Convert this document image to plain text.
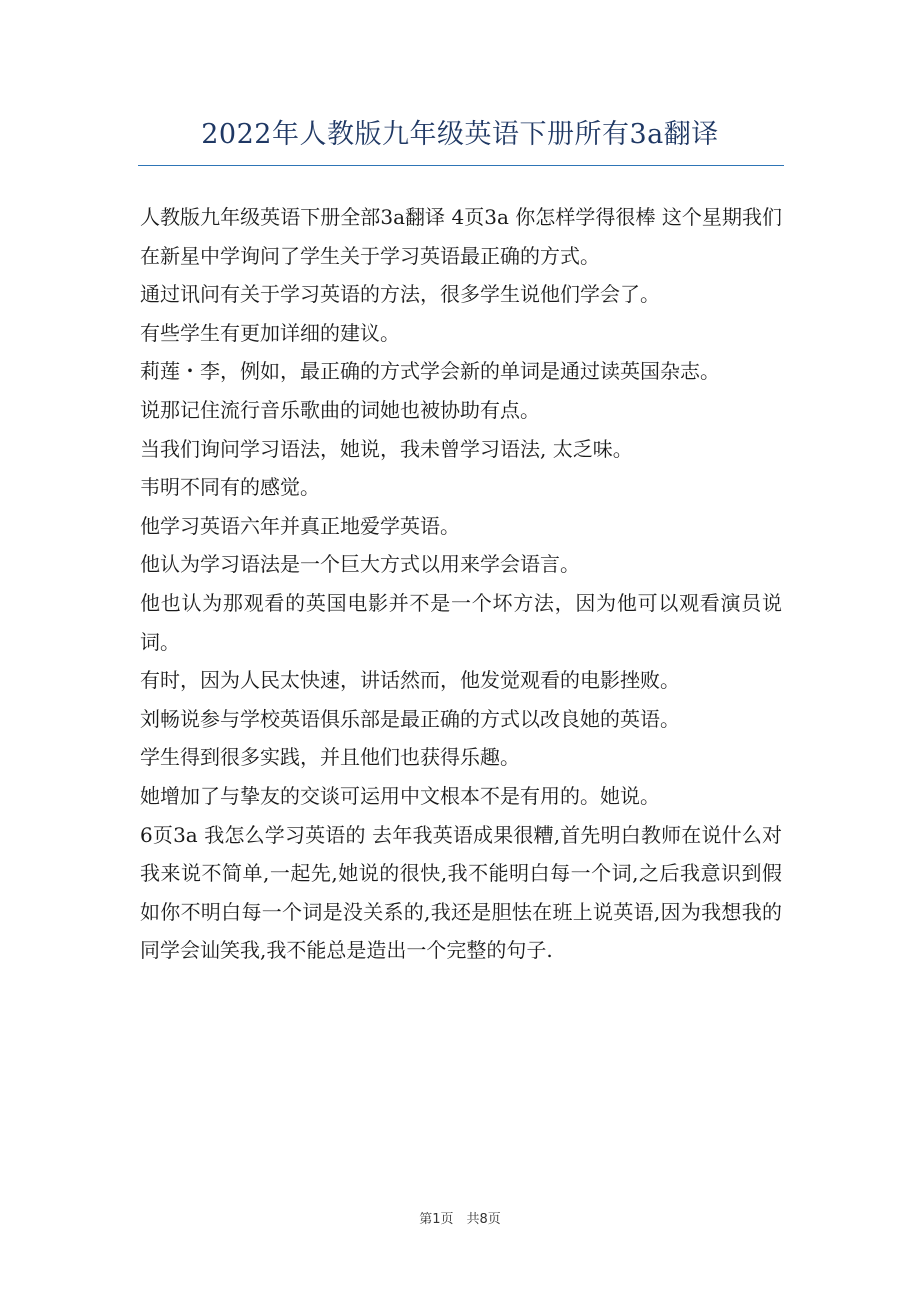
2022年人教版九年级英语下册所有3a翻译

人教版九年级英语下册全部3a翻译 4页3a 你怎样学得很棒 这个星期我们在新星中学询问了学生关于学习英语最正确的方式。

通过讯问有关于学习英语的方法，很多学生说他们学会了。

有些学生有更加详细的建议。

莉莲・李，例如，最正确的方式学会新的单词是通过读英国杂志。

说那记住流行音乐歌曲的词她也被协助有点。

当我们询问学习语法，她说，我未曾学习语法, 太乏味。

韦明不同有的感觉。

他学习英语六年并真正地爱学英语。

他认为学习语法是一个巨大方式以用来学会语言。

他也认为那观看的英国电影并不是一个坏方法，因为他可以观看演员说词。

有时，因为人民太快速，讲话然而，他发觉观看的电影挫败。

刘畅说参与学校英语俱乐部是最正确的方式以改良她的英语。

学生得到很多实践，并且他们也获得乐趣。

她增加了与挚友的交谈可运用中文根本不是有用的。她说。

6页3a 我怎么学习英语的 去年我英语成果很糟,首先明白教师在说什么对我来说不简单,一起先,她说的很快,我不能明白每一个词,之后我意识到假如你不明白每一个词是没关系的,我还是胆怯在班上说英语,因为我想我的同学会讪笑我,我不能总是造出一个完整的句子.

第1页　共8页
